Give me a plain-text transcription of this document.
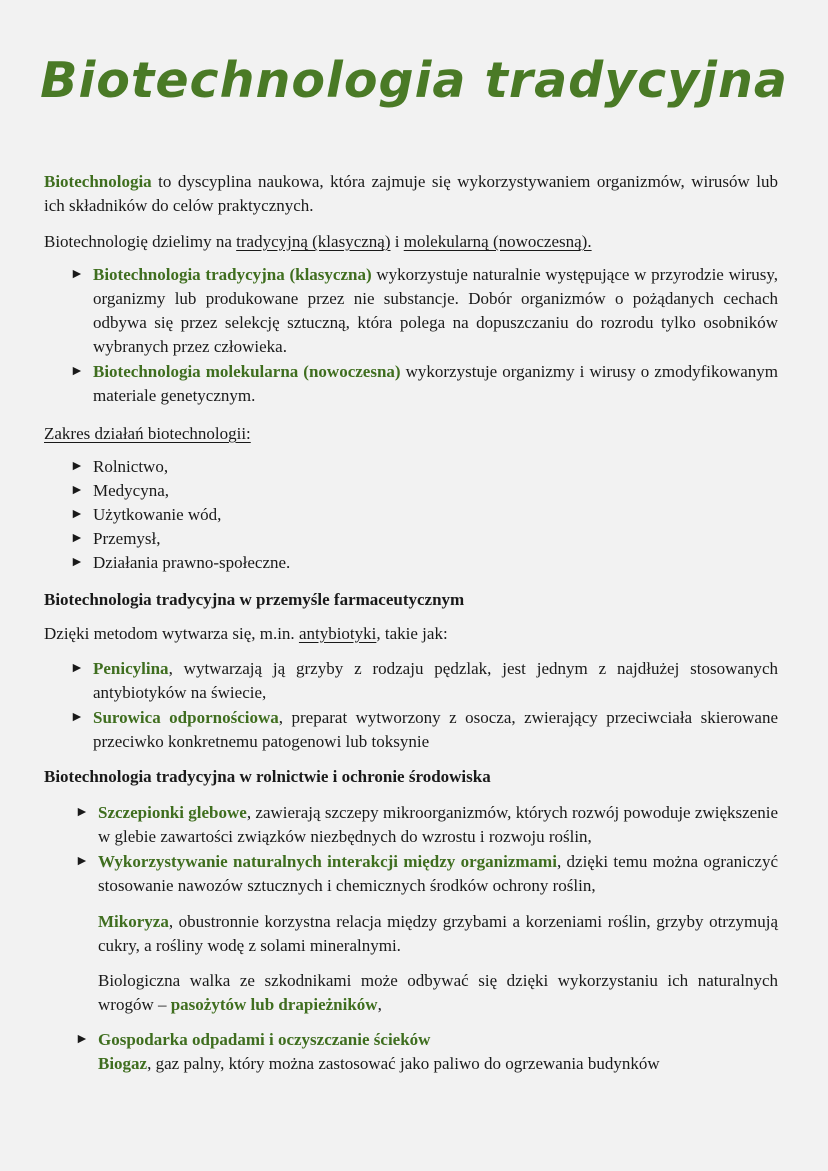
Biotechnologia tradycyjna
Biotechnologia to dyscyplina naukowa, która zajmuje się wykorzystywaniem organizmów, wirusów lub ich składników do celów praktycznych.
Biotechnologię dzielimy na tradycyjną (klasyczną) i molekularną (nowoczesną).
► Biotechnologia tradycyjna (klasyczna) wykorzystuje naturalnie występujące w przyrodzie wirusy, organizmy lub produkowane przez nie substancje. Dobór organizmów o pożądanych cechach odbywa się przez selekcję sztuczną, która polega na dopuszczaniu do rozrodu tylko osobników wybranych przez człowieka.
► Biotechnologia molekularna (nowoczesna) wykorzystuje organizmy i wirusy o zmodyfikowanym materiale genetycznym.
Zakres działań biotechnologii:
► Rolnictwo,
► Medycyna,
► Użytkowanie wód,
► Przemysł,
► Działania prawno-społeczne.
Biotechnologia tradycyjna w przemyśle farmaceutycznym
Dzięki metodom wytwarza się, m.in. antybiotyki, takie jak:
► Penicylina, wytwarzają ją grzyby z rodzaju pędzlak, jest jednym z najdłużej stosowanych antybiotyków na świecie,
► Surowica odpornościowa, preparat wytworzony z osocza, zwierający przeciwciała skierowane przeciwko konkretnemu patogenowi lub toksynie
Biotechnologia tradycyjna w rolnictwie i ochronie środowiska
► Szczepionki glebowe, zawierają szczepy mikroorganizmów, których rozwój powoduje zwiększenie w glebie zawartości związków niezbędnych do wzrostu i rozwoju roślin,
► Wykorzystywanie naturalnych interakcji między organizmami, dzięki temu można ograniczyć stosowanie nawozów sztucznych i chemicznych środków ochrony roślin,
Mikoryza, obustronnie korzystna relacja między grzybami a korzeniami roślin, grzyby otrzymują cukry, a rośliny wodę z solami mineralnymi.
Biologiczna walka ze szkodnikami może odbywać się dzięki wykorzystaniu ich naturalnych wrogów – pasożytów lub drapieżników,
► Gospodarka odpadami i oczyszczanie ścieków
Biogaz, gaz palny, który można zastosować jako paliwo do ogrzewania budynków
